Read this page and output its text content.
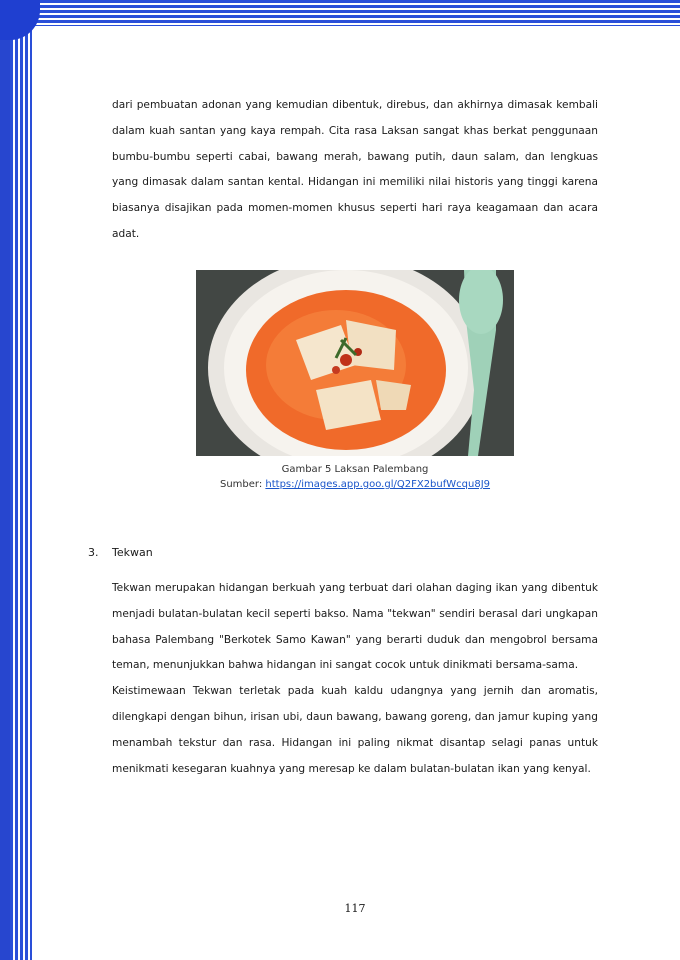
dari pembuatan adonan yang kemudian dibentuk, direbus, dan akhirnya dimasak kembali dalam kuah santan yang kaya rempah. Cita rasa Laksan sangat khas berkat penggunaan bumbu-bumbu seperti cabai, bawang merah, bawang putih, daun salam, dan lengkuas yang dimasak dalam santan kental. Hidangan ini memiliki nilai historis yang tinggi karena biasanya disajikan pada momen-momen khusus seperti hari raya keagamaan dan acara adat.

Gambar 5 Laksan Palembang
Sumber: https://images.app.goo.gl/Q2FX2bufWcqu8J9
3. Tekwan

Tekwan merupakan hidangan berkuah yang terbuat dari olahan daging ikan yang dibentuk menjadi bulatan-bulatan kecil seperti bakso. Nama "tekwan" sendiri berasal dari ungkapan bahasa Palembang "Berkotek Samo Kawan" yang berarti duduk dan mengobrol bersama teman, menunjukkan bahwa hidangan ini sangat cocok untuk dinikmati bersama-sama.

Keistimewaan Tekwan terletak pada kuah kaldu udangnya yang jernih dan aromatis, dilengkapi dengan bihun, irisan ubi, daun bawang, bawang goreng, dan jamur kuping yang menambah tekstur dan rasa. Hidangan ini paling nikmat disantap selagi panas untuk menikmati kesegaran kuahnya yang meresap ke dalam bulatan-bulatan ikan yang kenyal.

117
